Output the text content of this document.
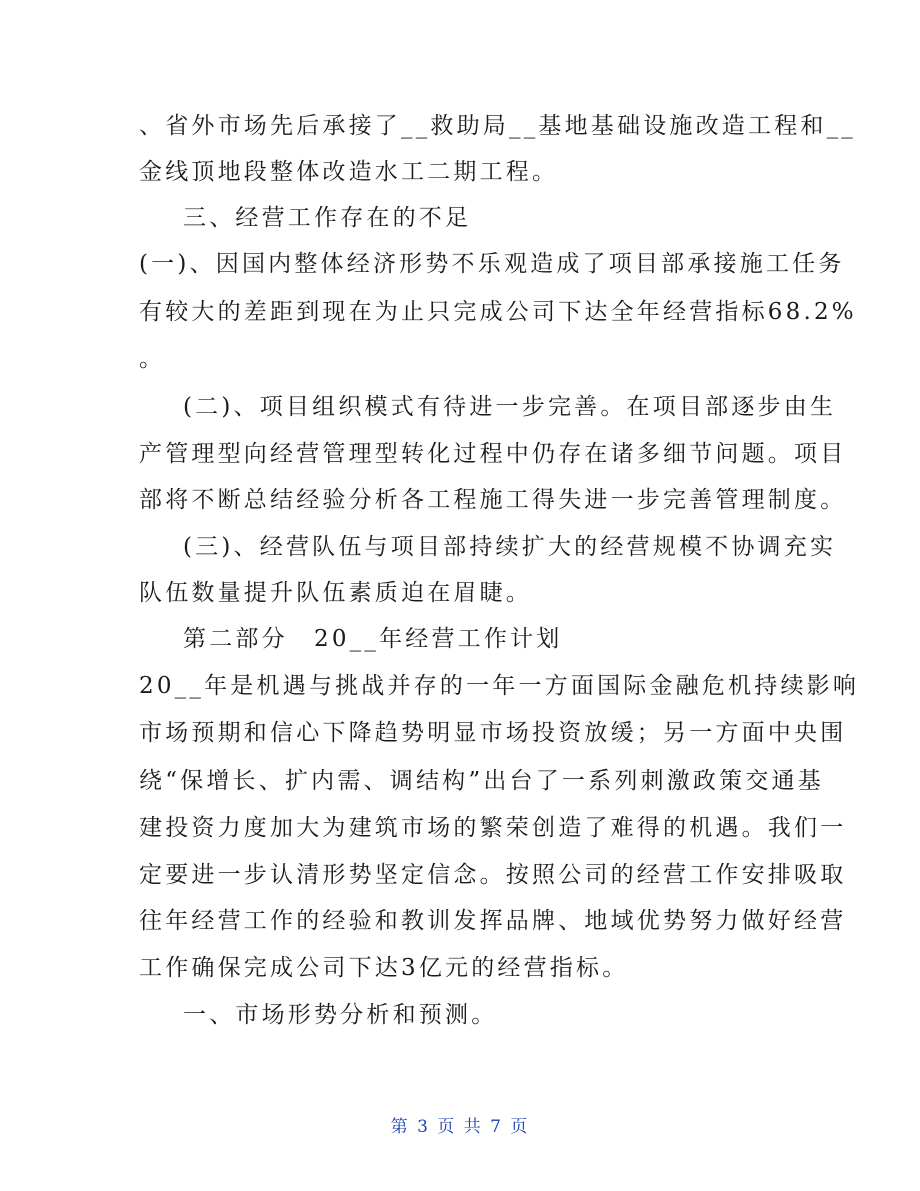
、省外市场先后承接了__救助局__基地基础设施改造工程和__
金线顶地段整体改造水工二期工程。
三、经营工作存在的不足
(一)、因国内整体经济形势不乐观造成了项目部承接施工任务
有较大的差距到现在为止只完成公司下达全年经营指标68.2%
。
(二)、项目组织模式有待进一步完善。在项目部逐步由生
产管理型向经营管理型转化过程中仍存在诸多细节问题。项目
部将不断总结经验分析各工程施工得失进一步完善管理制度。
(三)、经营队伍与项目部持续扩大的经营规模不协调充实
队伍数量提升队伍素质迫在眉睫。
第二部分　20__年经营工作计划
20__年是机遇与挑战并存的一年一方面国际金融危机持续影响
市场预期和信心下降趋势明显市场投资放缓；另一方面中央围
绕“保增长、扩内需、调结构”出台了一系列刺激政策交通基
建投资力度加大为建筑市场的繁荣创造了难得的机遇。我们一
定要进一步认清形势坚定信念。按照公司的经营工作安排吸取
往年经营工作的经验和教训发挥品牌、地域优势努力做好经营
工作确保完成公司下达3亿元的经营指标。
一、市场形势分析和预测。
第 3 页 共 7 页
